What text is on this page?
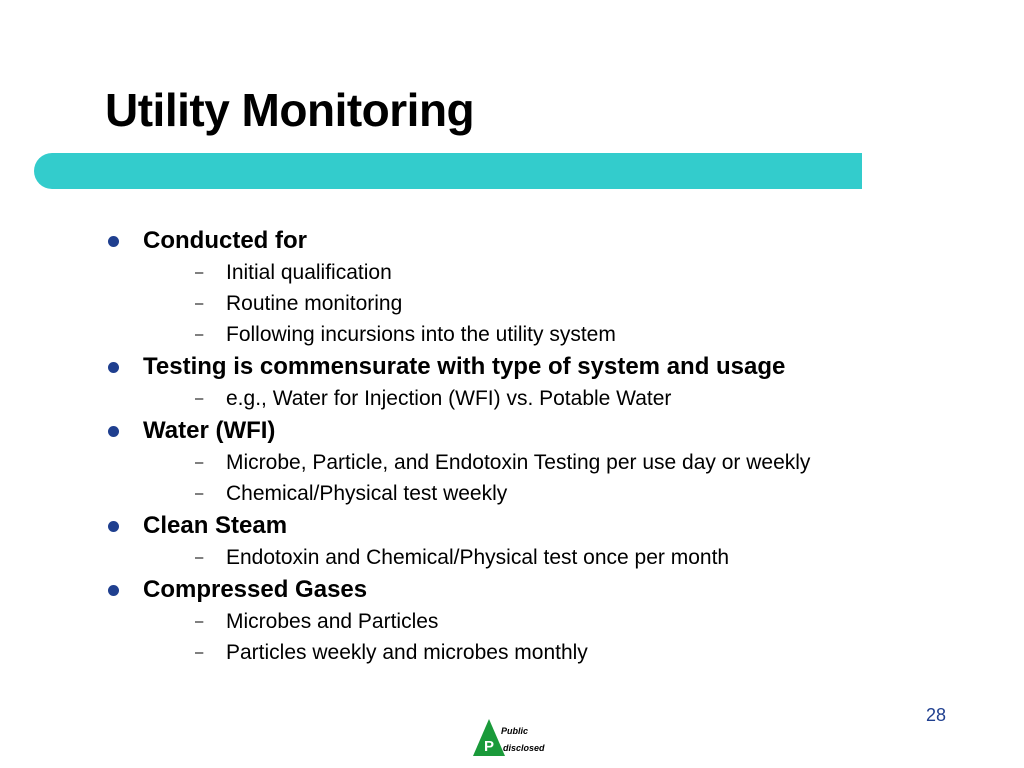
Utility Monitoring
Conducted for
– Initial qualification
– Routine monitoring
– Following incursions into the utility system
Testing is commensurate with type of system and usage
– e.g., Water for Injection (WFI) vs. Potable Water
Water (WFI)
– Microbe, Particle, and Endotoxin Testing per use day or weekly
– Chemical/Physical test weekly
Clean Steam
– Endotoxin and Chemical/Physical test once per month
Compressed Gases
– Microbes and Particles
– Particles weekly and microbes monthly
28
P
Public
disclosed
